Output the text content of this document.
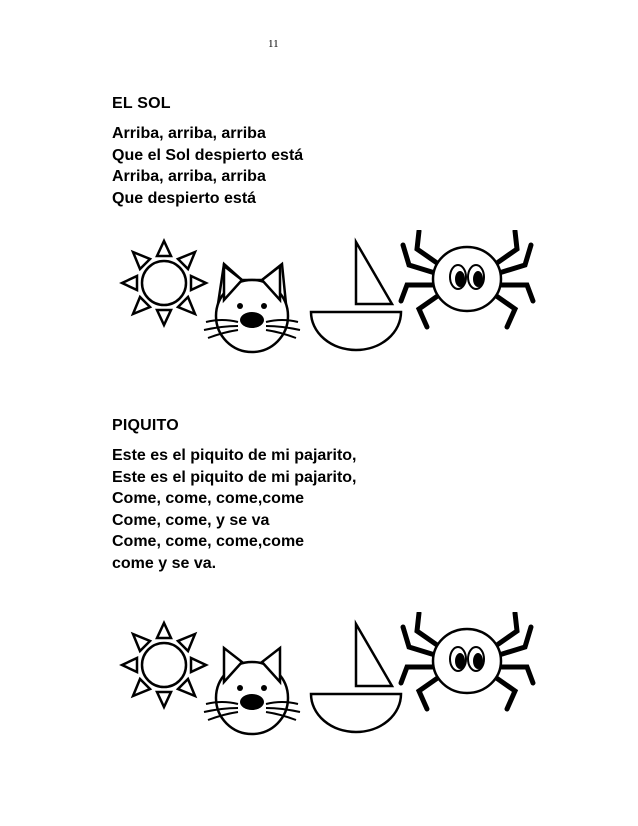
11

EL SOL

Arriba, arriba, arriba

Que el Sol despierto está

Arriba, arriba, arriba

Que despierto está

PIQUITO

Este es el piquito de mi pajarito,

Este es el piquito de mi pajarito,

Come, come, come,come

Come, come, y se va

Come, come, come,come

come y se va.
